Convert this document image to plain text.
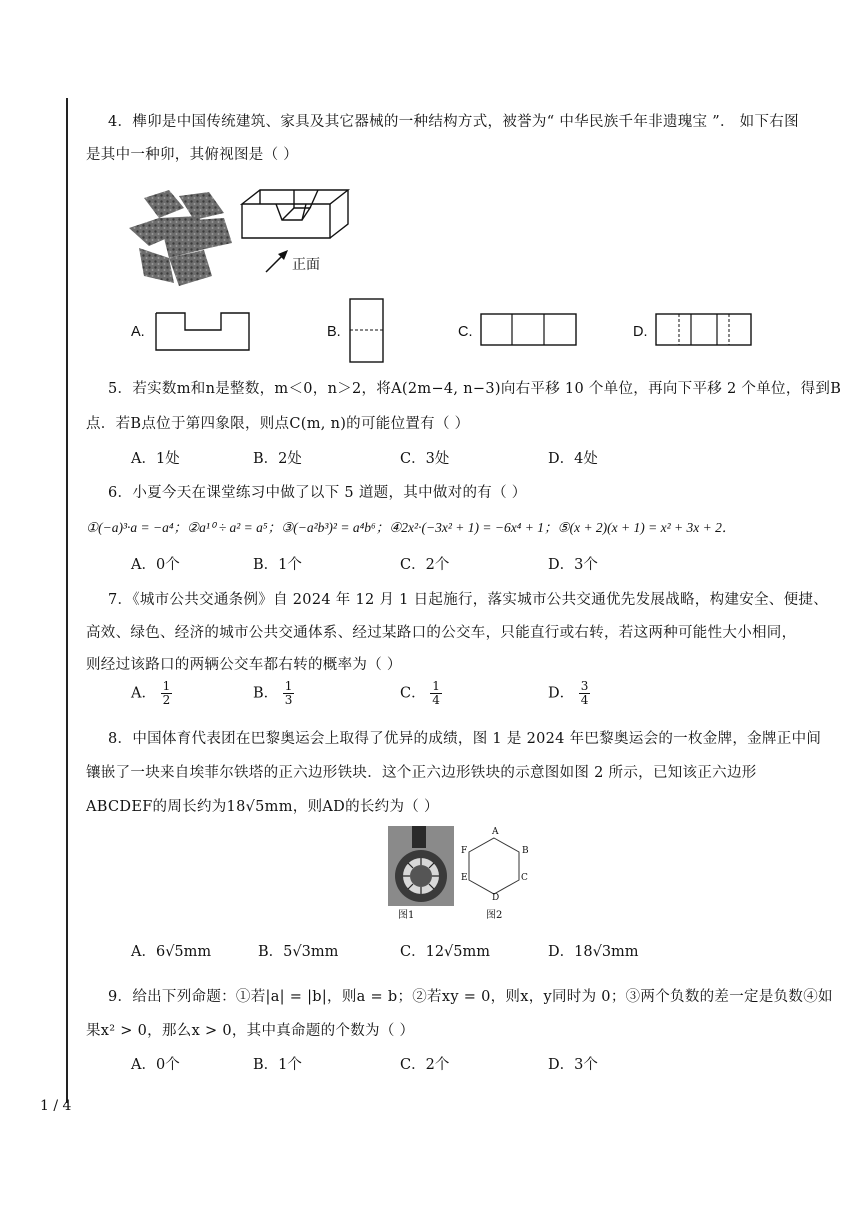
1 / 4
4．榫卯是中国传统建筑、家具及其它器械的一种结构方式，被誉为“ 中华民族千年非遗瑰宝 ”． 如下右图
是其中一种卯，其俯视图是（ ）
正面
A.	B.	C.	D.
5．若实数m和n是整数，m＜0，n＞2，将A(2m−4, n−3)向右平移 10 个单位，再向下平移 2 个单位，得到B
点．若B点位于第四象限，则点C(m, n)的可能位置有（ ）
A．1处	B．2处	C．3处	D．4处
6．小夏今天在课堂练习中做了以下 5 道题，其中做对的有（ ）
①(−a)³·a = −a⁴；②a¹⁰ ÷ a² = a⁵；③(−a²b³)² = a⁴b⁶；④2x²·(−3x² + 1) = −6x⁴ + 1；⑤(x + 2)(x + 1) = x² + 3x + 2．
A．0个	B．1个	C．2个	D．3个
7．《城市公共交通条例》自 2024 年 12 月 1 日起施行，落实城市公共交通优先发展战略，构建安全、便捷、
高效、绿色、经济的城市公共交通体系、经过某路口的公交车，只能直行或右转，若这两种可能性大小相同，
则经过该路口的两辆公交车都右转的概率为（ ）
A． $\frac{1}{2}$	B． $\frac{1}{3}$	C． $\frac{1}{4}$	D． $\frac{3}{4}$
8．中国体育代表团在巴黎奥运会上取得了优异的成绩，图 1 是 2024 年巴黎奥运会的一枚金牌，金牌正中间
镶嵌了一块来自埃菲尔铁塔的正六边形铁块．这个正六边形铁块的示意图如图 2 所示，已知该正六边形
ABCDEF的周长约为18√5mm，则AD的长约为（ ）
图1
A
B
C
D
E
F
图2
A．6√5mm	B．5√3mm	C．12√5mm	D．18√3mm
9．给出下列命题：①若|a| = |b|，则a = b；②若xy = 0，则x，y同时为 0；③两个负数的差一定是负数④如
果x² > 0，那么x > 0，其中真命题的个数为（ ）
A．0个	B．1个	C．2个	D．3个
